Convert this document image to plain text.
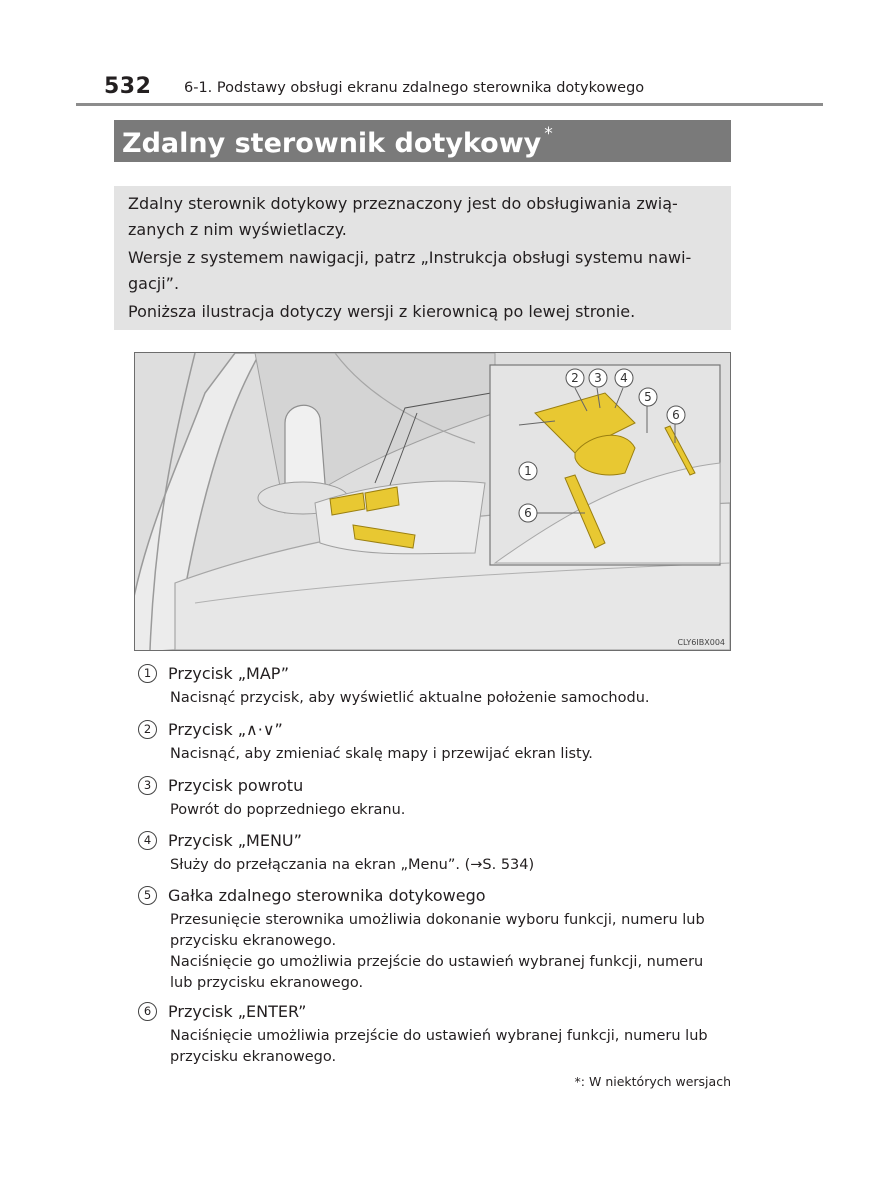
532 6-1. Podstawy obsługi ekranu zdalnego sterownika dotykowego
Zdalny sterownik dotykowy *

Zdalny sterownik dotykowy przeznaczony jest do obsługiwania zwią-
zanych z nim wyświetlaczy.

Wersje z systemem nawigacji, patrz „Instrukcja obsługi systemu nawi-
gacji”.

Poniższa ilustracja dotyczy wersji z kierownicą po lewej stronie.

2 3 4
5
6
1
6
CLY6IBX004
1	Przycisk „MAP”
Nacisnąć przycisk, aby wyświetlić aktualne położenie samochodu.
2	Przycisk „∧·∨”
Nacisnąć, aby zmieniać skalę mapy i przewijać ekran listy.
3	Przycisk powrotu
Powrót do poprzedniego ekranu.
4	Przycisk „MENU”
Służy do przełączania na ekran „Menu”. (→S. 534)
5	Gałka zdalnego sterownika dotykowego
Przesunięcie sterownika umożliwia dokonanie wyboru funkcji, numeru lub
przycisku ekranowego.
Naciśnięcie go umożliwia przejście do ustawień wybranej funkcji, numeru
lub przycisku ekranowego.
6	Przycisk „ENTER”
Naciśnięcie umożliwia przejście do ustawień wybranej funkcji, numeru lub
przycisku ekranowego.
*: W niektórych wersjach
